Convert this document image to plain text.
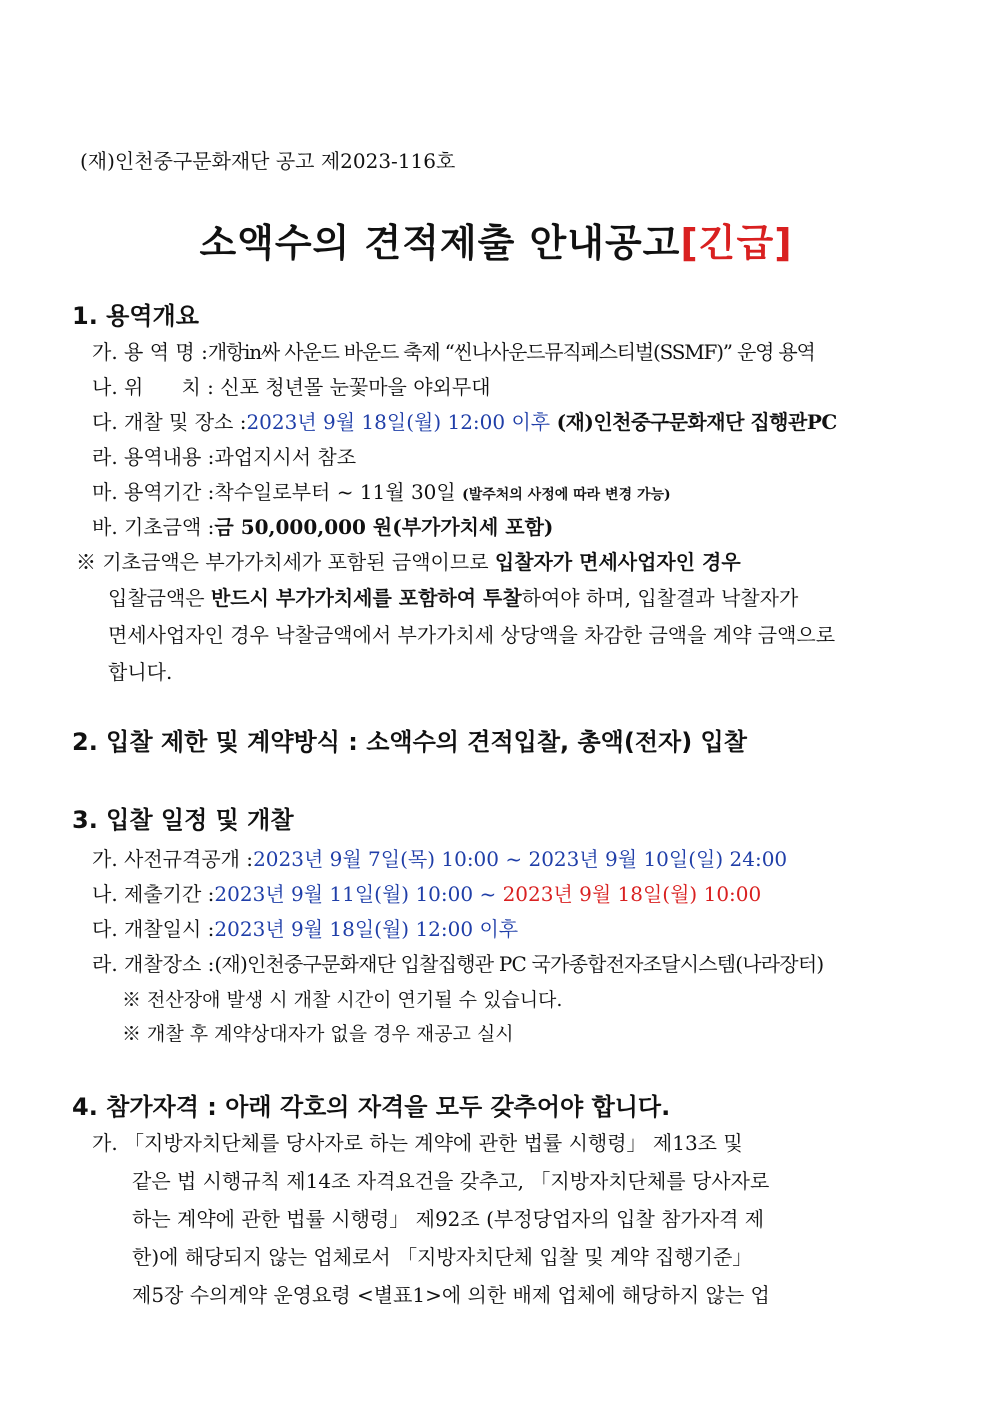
(재)인천중구문화재단 공고 제2023-116호
소액수의 견적제출 안내공고[긴급]
1. 용역개요
가. 용 역 명 :개항in싸 사운드 바운드 축제 “씬나사운드뮤직페스티벌(SSMF)” 운영 용역
나. 위      치 : 신포 청년몰 눈꽃마을 야외무대
다. 개찰 및 장소 :2023년 9월 18일(월) 12:00 이후 (재)인천중구문화재단 집행관PC
라. 용역내용 :과업지시서 참조
마. 용역기간 :착수일로부터 ~ 11월 30일 (발주처의 사정에 따라 변경 가능)
바. 기초금액 :금 50,000,000 원(부가가치세 포함)
※ 기초금액은 부가가치세가 포함된 금액이므로 입찰자가 면세사업자인 경우
입찰금액은 반드시 부가가치세를 포함하여 투찰하여야 하며, 입찰결과 낙찰자가
면세사업자인 경우 낙찰금액에서 부가가치세 상당액을 차감한 금액을 계약 금액으로
합니다.
2. 입찰 제한 및 계약방식 : 소액수의 견적입찰, 총액(전자) 입찰
3. 입찰 일정 및 개찰
가. 사전규격공개 :2023년 9월 7일(목) 10:00 ~ 2023년 9월 10일(일) 24:00
나. 제출기간 :2023년 9월 11일(월) 10:00 ~ 2023년 9월 18일(월) 10:00
다. 개찰일시 :2023년 9월 18일(월) 12:00 이후
라. 개찰장소 :(재)인천중구문화재단 입찰집행관 PC 국가종합전자조달시스템(나라장터)
※ 전산장애 발생 시 개찰 시간이 연기될 수 있습니다.
※ 개찰 후 계약상대자가 없을 경우 재공고 실시
4. 참가자격 : 아래 각호의 자격을 모두 갖추어야 합니다.
가. 「지방자치단체를 당사자로 하는 계약에 관한 법률 시행령」 제13조 및
같은 법 시행규칙 제14조 자격요건을 갖추고, 「지방자치단체를 당사자로
하는 계약에 관한 법률 시행령」 제92조 (부정당업자의 입찰 참가자격 제
한)에 해당되지 않는 업체로서 「지방자치단체 입찰 및 계약 집행기준」
제5장 수의계약 운영요령 <별표1>에 의한 배제 업체에 해당하지 않는 업
